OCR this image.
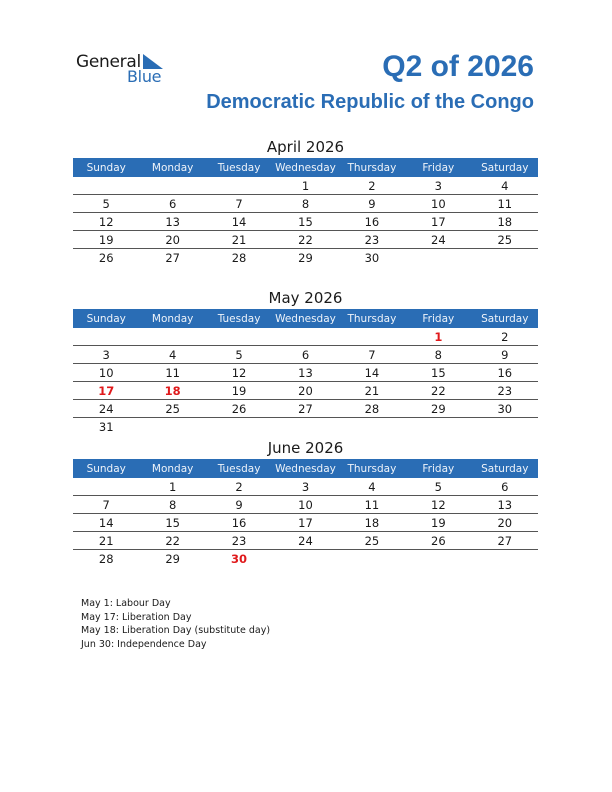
General
Blue	Q2 of 2026
Democratic Republic of the Congo
April 2026
Sunday	Monday	Tuesday	Wednesday	Thursday	Friday	Saturday
			1	2	3	4
5	6	7	8	9	10	11
12	13	14	15	16	17	18
19	20	21	22	23	24	25
26	27	28	29	30		
May 2026
Sunday	Monday	Tuesday	Wednesday	Thursday	Friday	Saturday
					1	2
3	4	5	6	7	8	9
10	11	12	13	14	15	16
17	18	19	20	21	22	23
24	25	26	27	28	29	30
31						
June 2026
Sunday	Monday	Tuesday	Wednesday	Thursday	Friday	Saturday
	1	2	3	4	5	6
7	8	9	10	11	12	13
14	15	16	17	18	19	20
21	22	23	24	25	26	27
28	29	30				
May 1: Labour Day
May 17: Liberation Day
May 18: Liberation Day (substitute day)
Jun 30: Independence Day
